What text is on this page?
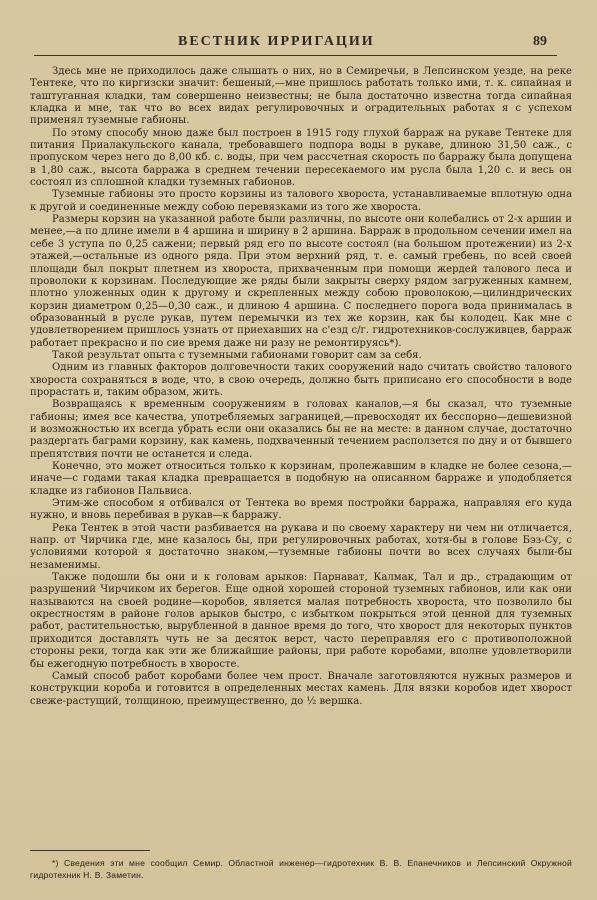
ВЕСТНИК ИРРИГАЦИИ	89

Здесь мне не приходилось даже слышать о них, но в Семиречьи, в Лепсинском уезде, на реке Тентеке, что по киргизски значит: бешеный,—мне пришлось работать только ими, т. к. сипайная и таштуганная кладки, там совершенно неизвестны; не была достаточно известна тогда сипайная кладка и мне, так что во всех видах регулировочных и оградительных работах я с успехом применял туземные габионы.

По этому способу мною даже был построен в 1915 году глухой барраж на рукаве Тентеке для питания Приалакульского канала, требовавшего подпора воды в рукаве, длиною 31,50 саж., с пропуском через него до 8,00 кб. с. воды, при чем рассчетная скорость по барражу была допущена в 1,80 саж., высота барража в среднем течении пересекаемого им русла была 1,20 с. и весь он состоял из сплошной кладки туземных габионов.

Туземные габионы это просто корзины из талового хворостa, устанавливаемые вплотную одна к другой и соединенные между собою перевязками из того же хвороста.

Размеры корзин на указанной работе были различны, по высоте они колебались от 2-х аршин и менее,—а по длине имели в 4 аршина и ширину в 2 аршина. Барраж в продольном сечении имел на себе 3 уступа по 0,25 сажени; первый ряд его по высоте состоял (на большом протежении) из 2-х этажей,—остальные из одного ряда. При этом верхний ряд, т. е. самый гребень, по всей своей площади был покрыт плетнем из хворостa, прихваченным при помощи жердей талового леса и проволоки к корзинам. Последующие же ряды были закрыты сверху рядом загруженных камнем, плотно уложенных один к другому и скрепленных между собою проволокою,—цилиндрических корзин диаметром 0,25—0,30 саж., и длиною 4 аршина. С последнего порога вода принималась в образованный в русле рукав, путем перемычки из тех же корзин, как бы колодец. Как мне с удовлетворением пришлось узнать от приехавших на с'езд с/г. гидротехников-сослуживцев, барраж работает прекрасно и по сие время даже ни разу не ремонтируясь*).

Такой результат опыта с туземными габионами говорит сам за себя.

Одним из главных факторов долговечности таких сооружений надо считать свойство талового хворостa сохраняться в воде, что, в свою очередь, должно быть приписано его способности в воде прорастать и, таким образом, жить.

Возвращаясь к временным сооружениям в головах каналов,—я бы сказал, что туземные габионы; имея все качества, употребляемых заграницей,—превосходят их бесспорно—дешевизной и возможностью их всегда убрать если они оказались бы не на месте: в данном случае, достаточно раздергать баграми корзину, как камень, подхваченный течением расползется по дну и от бывшего препятствия почти не останется и следа.

Конечно, это может относиться только к корзинам, пролежавшим в кладке не более сезона,—иначе—с годами такая кладка превращается в подобную на описанном барраже и уподобляется кладке из габионов Пальвиса.

Этим-же способом я отбивался от Тентека во время постройки барража, направляя его куда нужно, и вновь перебивая в рукав—к барражу.

Река Тентек в этой части разбивается на рукава и по своему характеру ни чем ни отличается, напр. от Чирчика где, мне казалось бы, при регулировочных работах, хотя-бы в голове Бэз-Су, с условиями которой я достаточно знаком,—туземные габионы почти во всех случаях были-бы незаменимы.

Также подошли бы они и к головам арыков: Парнават, Калмак, Тал и др., страдающим от разрушений Чирчиком их берегов. Еще одной хорошей стороной туземных габионов, или как они называются на своей родине—коробов, является малая потребность хворостa, что позволило бы окрестностям в районе голов арыков быстро, с избытком покрыться этой ценной для туземных работ, растительностью, вырубленной в данное время до того, что хворост для некоторых пунктов приходится доставлять чуть не за десяток верст, часто переправляя его с противоположной стороны реки, тогда как эти же ближайшие районы, при работе коробами, вполне удовлетворили бы ежегодную потребность в хворосте.

Самый способ работ коробами более чем прост. Вначале заготовляются нужных размеров и конструкции короба и готовится в определенных местах камень. Для вязки коробов идет хворост свеже-растущий, толщиною, преимущественно, до ½ вершка.

*) Сведения эти мне сообщил Семир. Областной инженер—гидротехник В. В. Епанечников и Лепсинский Окружной гидротехник Н. В. Заметин.
